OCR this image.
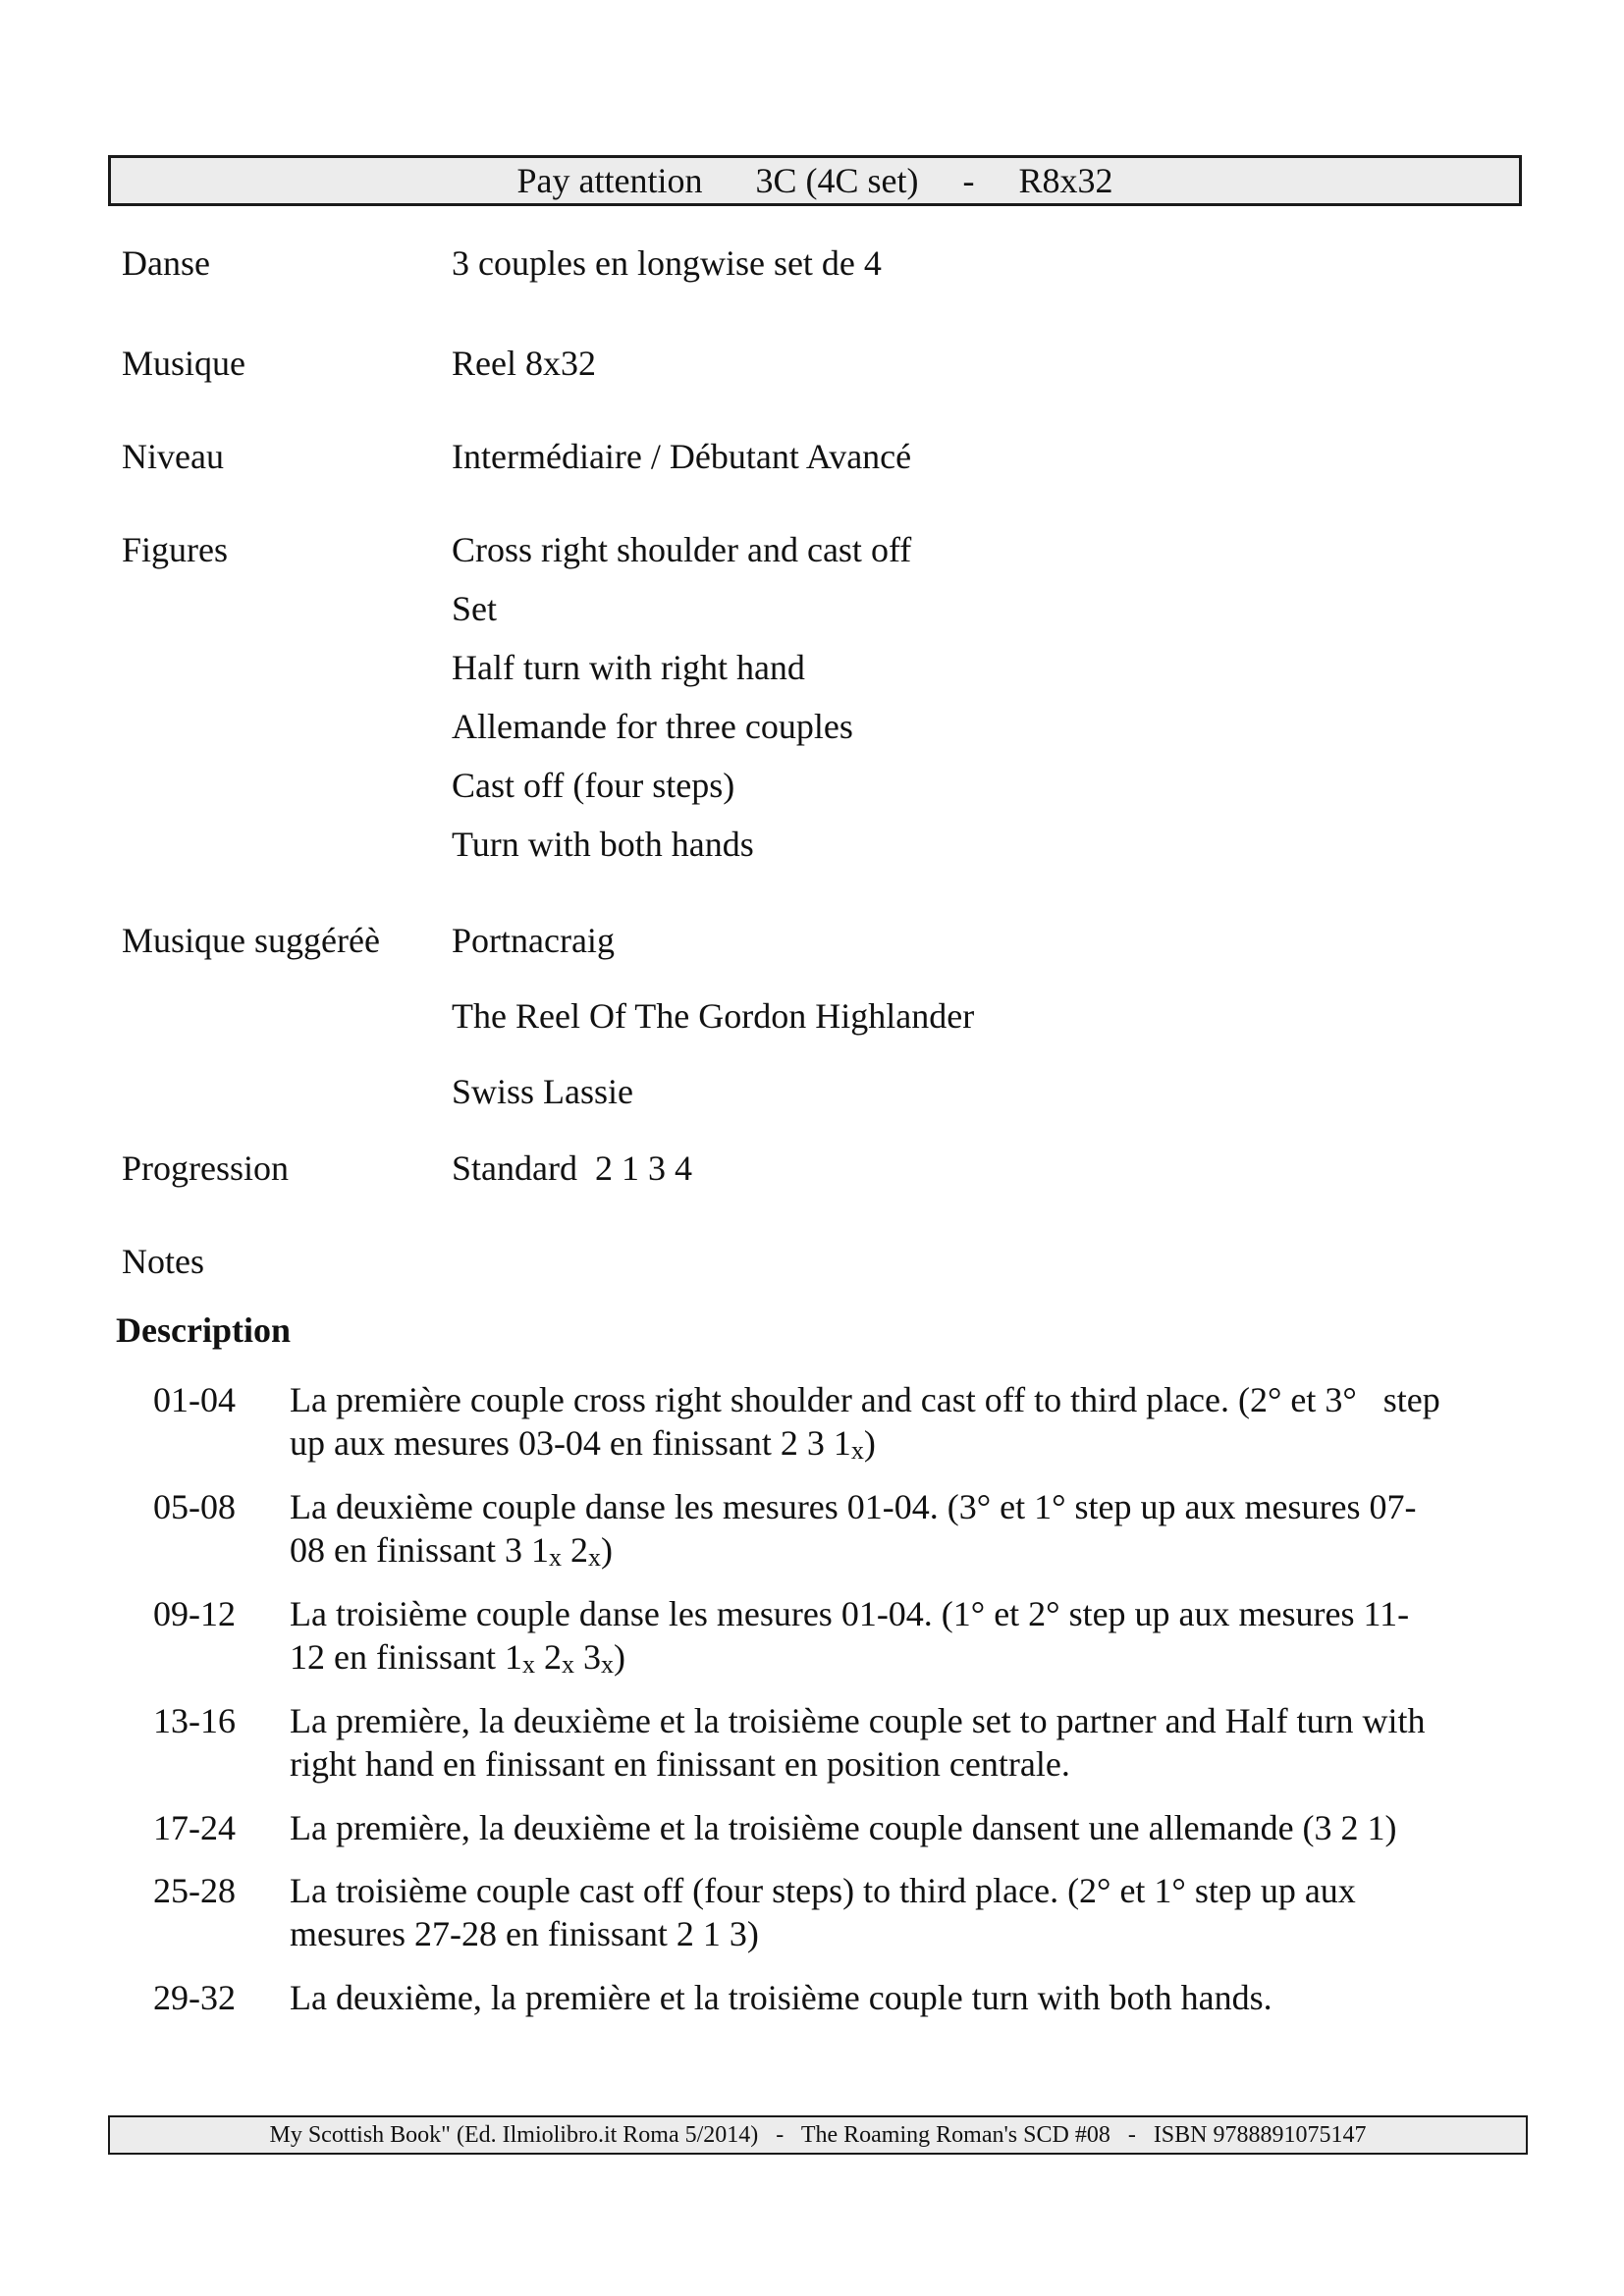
Pay attention 3C (4C set) - R8x32
Danse	3 couples en longwise set de 4
Musique	Reel 8x32
Niveau	Intermédiaire / Débutant Avancé
Figures	Cross right shoulder and cast off
Set
Half turn with right hand
Allemande for three couples
Cast off (four steps)
Turn with both hands
Musique suggéréè Portnacraig
The Reel Of The Gordon Highlander
Swiss Lassie
Progression	Standard  2 1 3 4
Notes
Description
01-04 La première couple cross right shoulder and cast off to third place. (2° et 3°   step
up aux mesures 03-04 en finissant 2 3 $1_x$)
05-08 La deuxième couple danse les mesures 01-04. (3° et 1° step up aux mesures 07-
08 en finissant 3 $1_x$ $2_x$)
09-12 La troisième couple danse les mesures 01-04. (1° et 2° step up aux mesures 11-
12 en finissant $1_x$ $2_x$ $3_x$)
13-16 La première, la deuxième et la troisième couple set to partner and Half turn with
right hand en finissant en finissant en position centrale.
17-24 La première, la deuxième et la troisième couple dansent une allemande (3 2 1)
25-28 La troisième couple cast off (four steps) to third place. (2° et 1° step up aux
mesures 27-28 en finissant 2 1 3)
29-32 La deuxième, la première et la troisième couple turn with both hands.
My Scottish Book" (Ed. Ilmiolibro.it Roma 5/2014)   -   The Roaming Roman's SCD #08   -   ISBN 9788891075147
